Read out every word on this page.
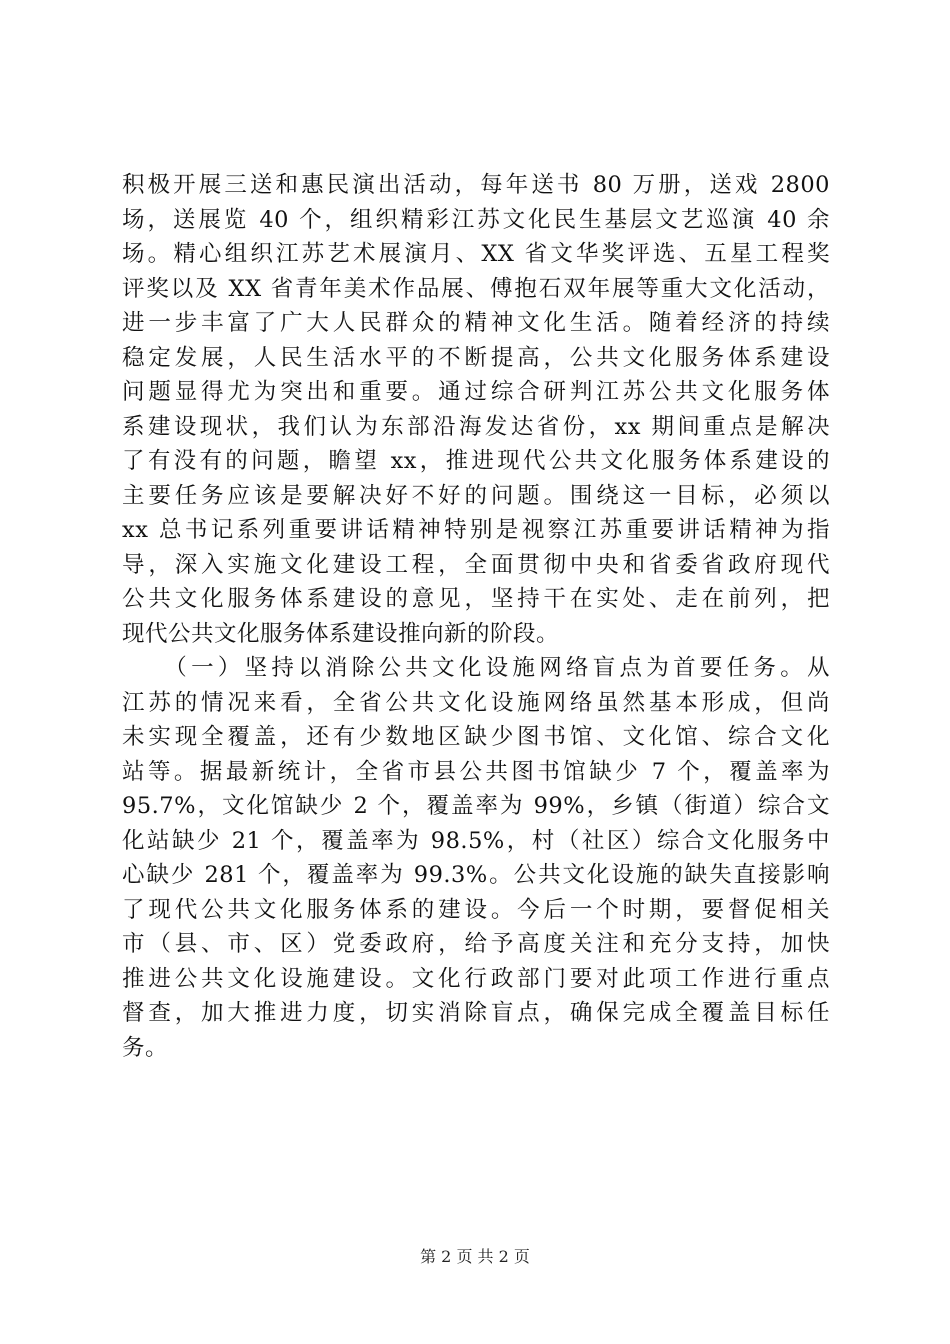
积极开展三送和惠民演出活动，每年送书 80 万册，送戏 2800
场，送展览 40 个，组织精彩江苏文化民生基层文艺巡演 40 余
场。精心组织江苏艺术展演月、XX 省文华奖评选、五星工程奖
评奖以及 XX 省青年美术作品展、傅抱石双年展等重大文化活动，
进一步丰富了广大人民群众的精神文化生活。随着经济的持续
稳定发展，人民生活水平的不断提高，公共文化服务体系建设
问题显得尤为突出和重要。通过综合研判江苏公共文化服务体
系建设现状，我们认为东部沿海发达省份，xx 期间重点是解决
了有没有的问题，瞻望 xx，推进现代公共文化服务体系建设的
主要任务应该是要解决好不好的问题。围绕这一目标，必须以
xx 总书记系列重要讲话精神特别是视察江苏重要讲话精神为指
导，深入实施文化建设工程，全面贯彻中央和省委省政府现代
公共文化服务体系建设的意见，坚持干在实处、走在前列，把
现代公共文化服务体系建设推向新的阶段。
　　（一）坚持以消除公共文化设施网络盲点为首要任务。从
江苏的情况来看，全省公共文化设施网络虽然基本形成，但尚
未实现全覆盖，还有少数地区缺少图书馆、文化馆、综合文化
站等。据最新统计，全省市县公共图书馆缺少 7 个，覆盖率为
95.7%，文化馆缺少 2 个，覆盖率为 99%，乡镇（街道）综合文
化站缺少 21 个，覆盖率为 98.5%，村（社区）综合文化服务中
心缺少 281 个，覆盖率为 99.3%。公共文化设施的缺失直接影响
了现代公共文化服务体系的建设。今后一个时期，要督促相关
市（县、市、区）党委政府，给予高度关注和充分支持，加快
推进公共文化设施建设。文化行政部门要对此项工作进行重点
督查，加大推进力度，切实消除盲点，确保完成全覆盖目标任
务。
第 2 页 共 2 页
